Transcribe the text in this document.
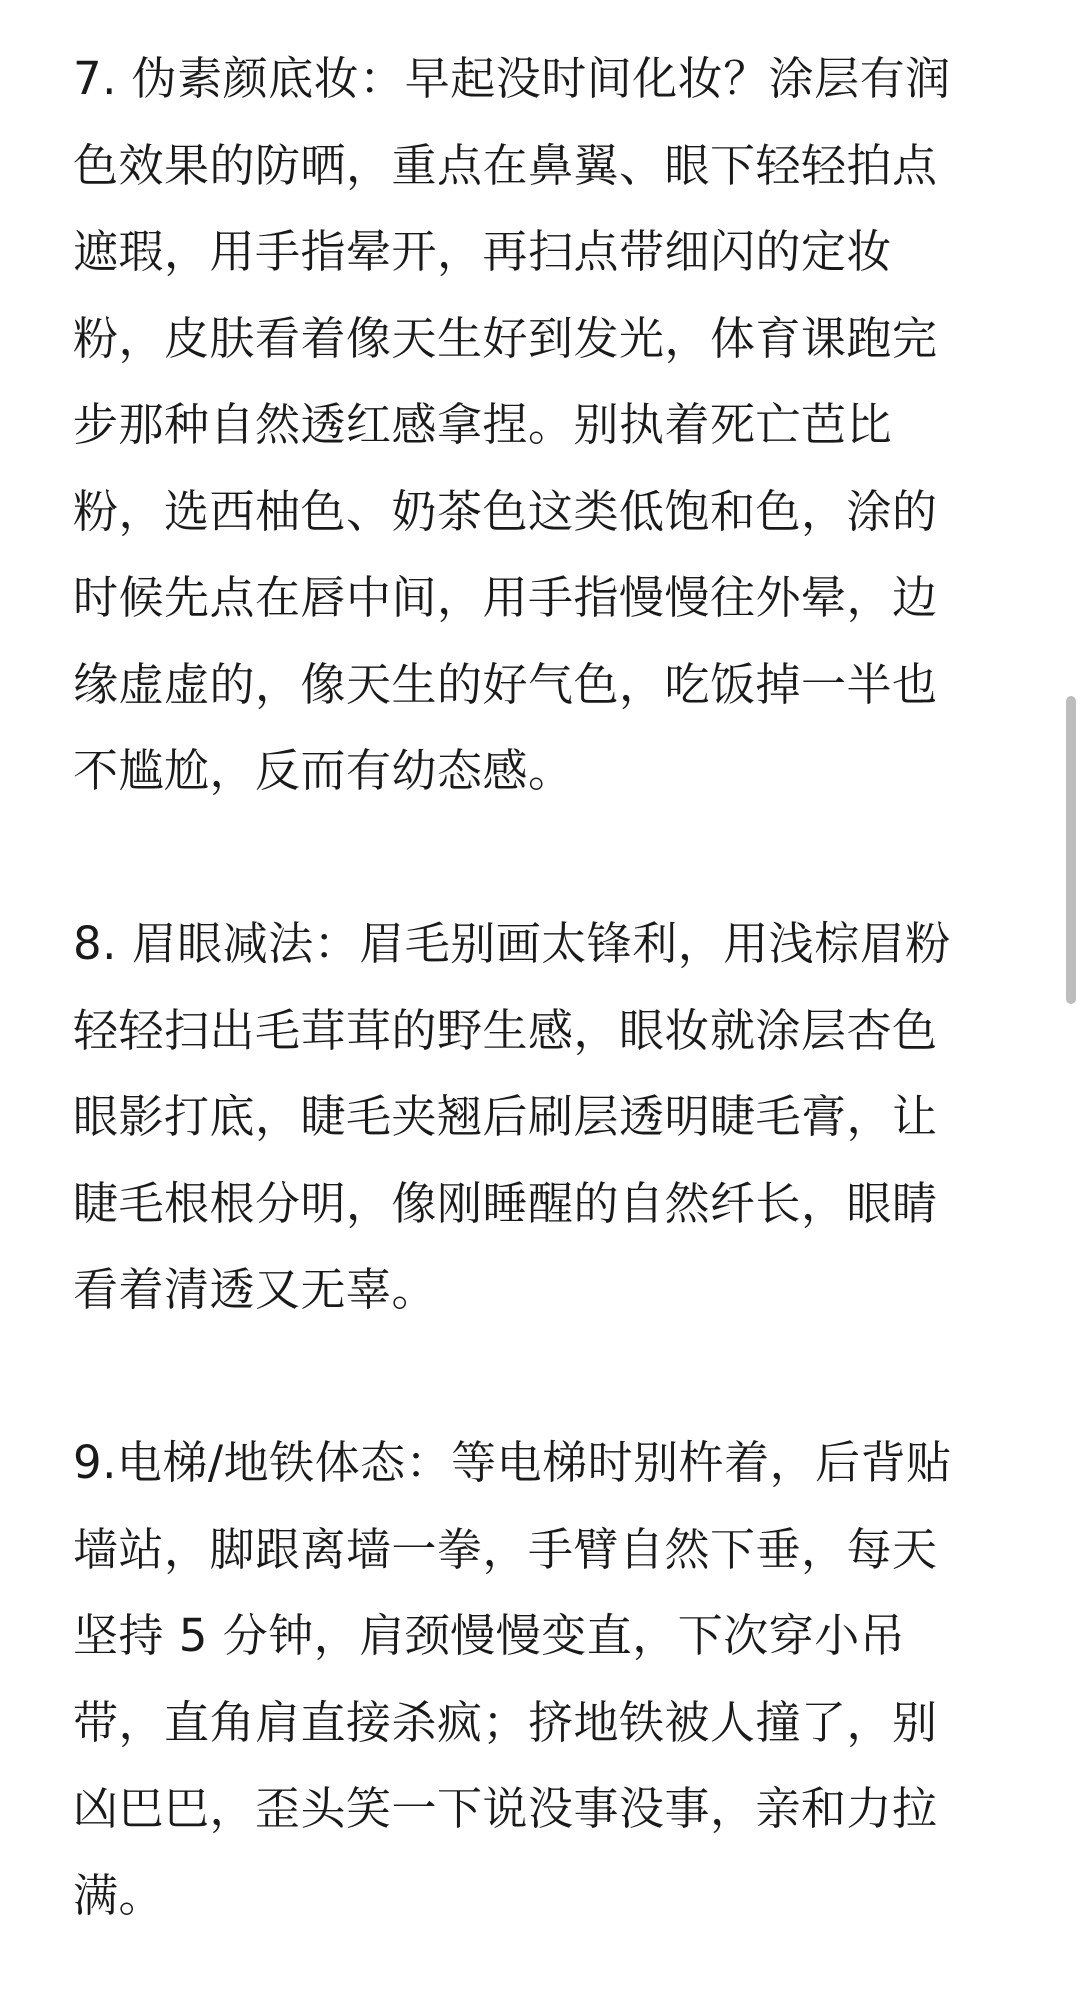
7. 伪素颜底妆：早起没时间化妆？涂层有润
色效果的防晒，重点在鼻翼、眼下轻轻拍点
遮瑕，用手指晕开，再扫点带细闪的定妆
粉，皮肤看着像天生好到发光，体育课跑完
步那种自然透红感拿捏。别执着死亡芭比
粉，选西柚色、奶茶色这类低饱和色，涂的
时候先点在唇中间，用手指慢慢往外晕，边
缘虚虚的，像天生的好气色，吃饭掉一半也
不尴尬，反而有幼态感。

8. 眉眼减法：眉毛别画太锋利，用浅棕眉粉
轻轻扫出毛茸茸的野生感，眼妆就涂层杏色
眼影打底，睫毛夹翘后刷层透明睫毛膏，让
睫毛根根分明，像刚睡醒的自然纤长，眼睛
看着清透又无辜。

9.电梯/地铁体态：等电梯时别杵着，后背贴
墙站，脚跟离墙一拳，手臂自然下垂，每天
坚持 5 分钟，肩颈慢慢变直，下次穿小吊
带，直角肩直接杀疯；挤地铁被人撞了，别
凶巴巴，歪头笑一下说没事没事，亲和力拉
满。
